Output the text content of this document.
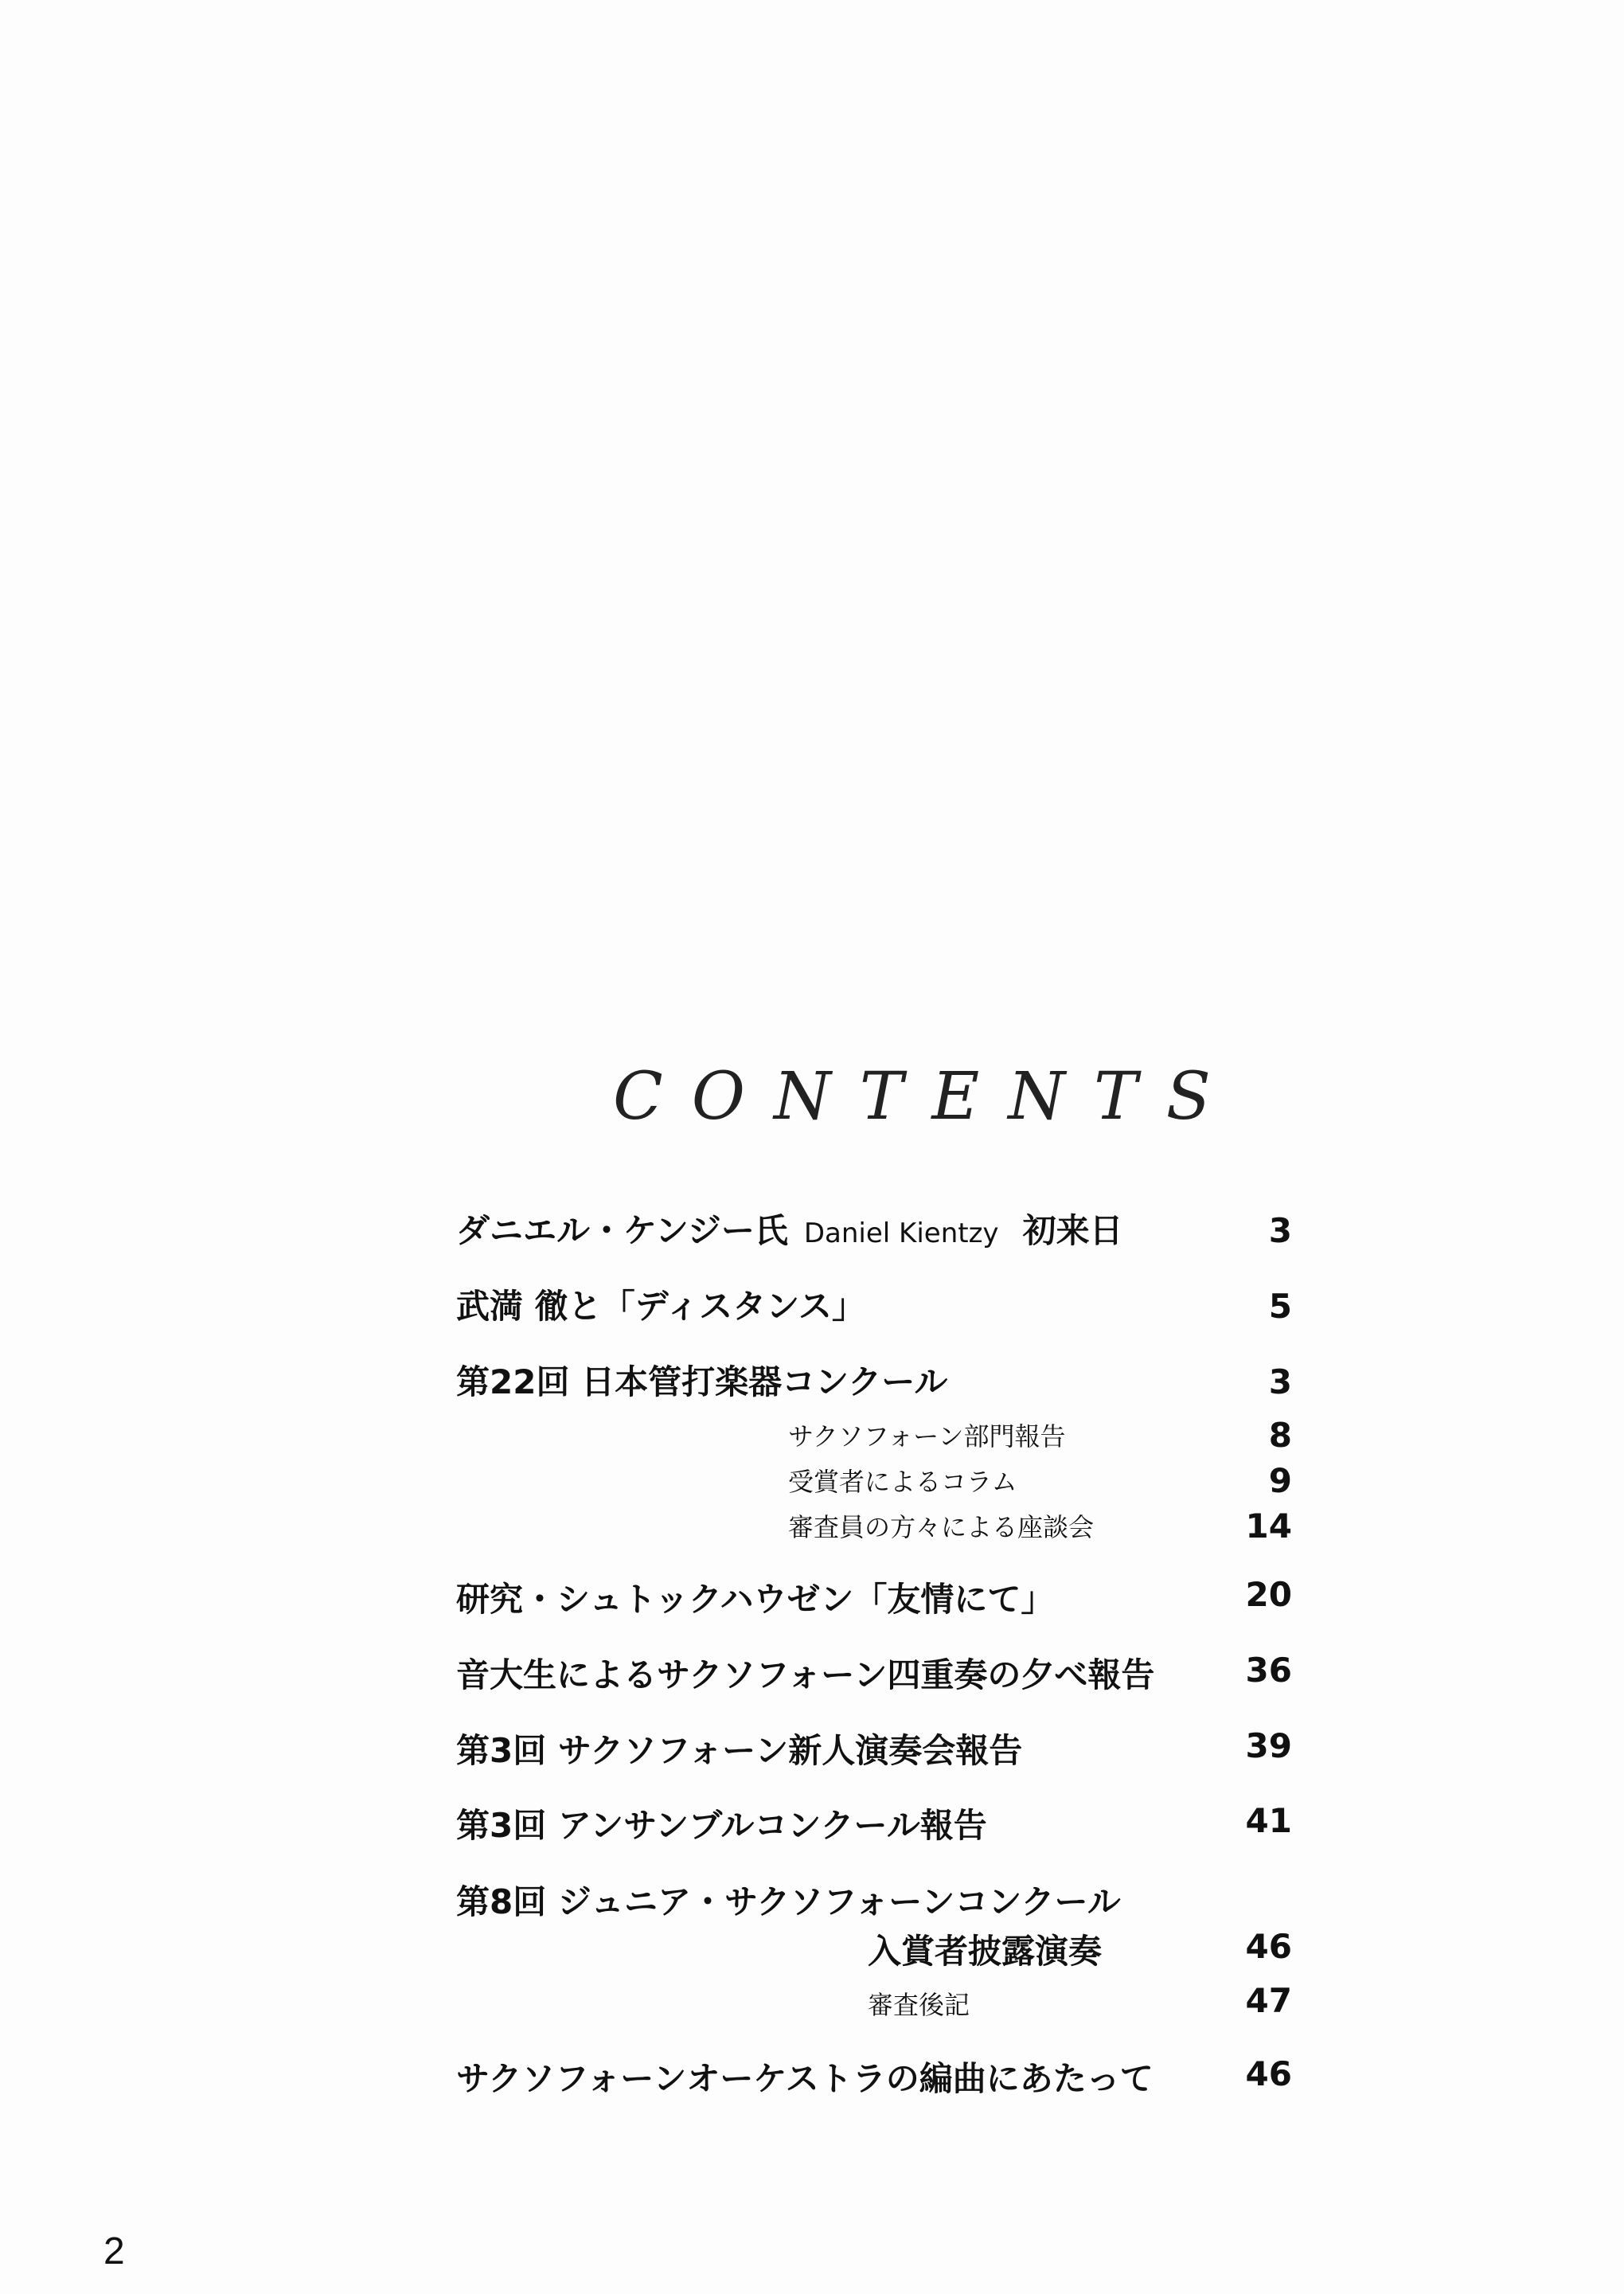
CONTENTS
ダニエル・ケンジー氏 Daniel Kientzy 初来日	3
武満 徹と「ディスタンス」	5
第22回 日本管打楽器コンクール	3
サクソフォーン部門報告	8
受賞者によるコラム	9
審査員の方々による座談会	14
研究・シュトックハウゼン「友情にて」	20
音大生によるサクソフォーン四重奏の夕べ報告	36
第3回 サクソフォーン新人演奏会報告	39
第3回 アンサンブルコンクール報告	41
第8回 ジュニア・サクソフォーンコンクール
入賞者披露演奏	46
審査後記	47
サクソフォーンオーケストラの編曲にあたって	46
2
